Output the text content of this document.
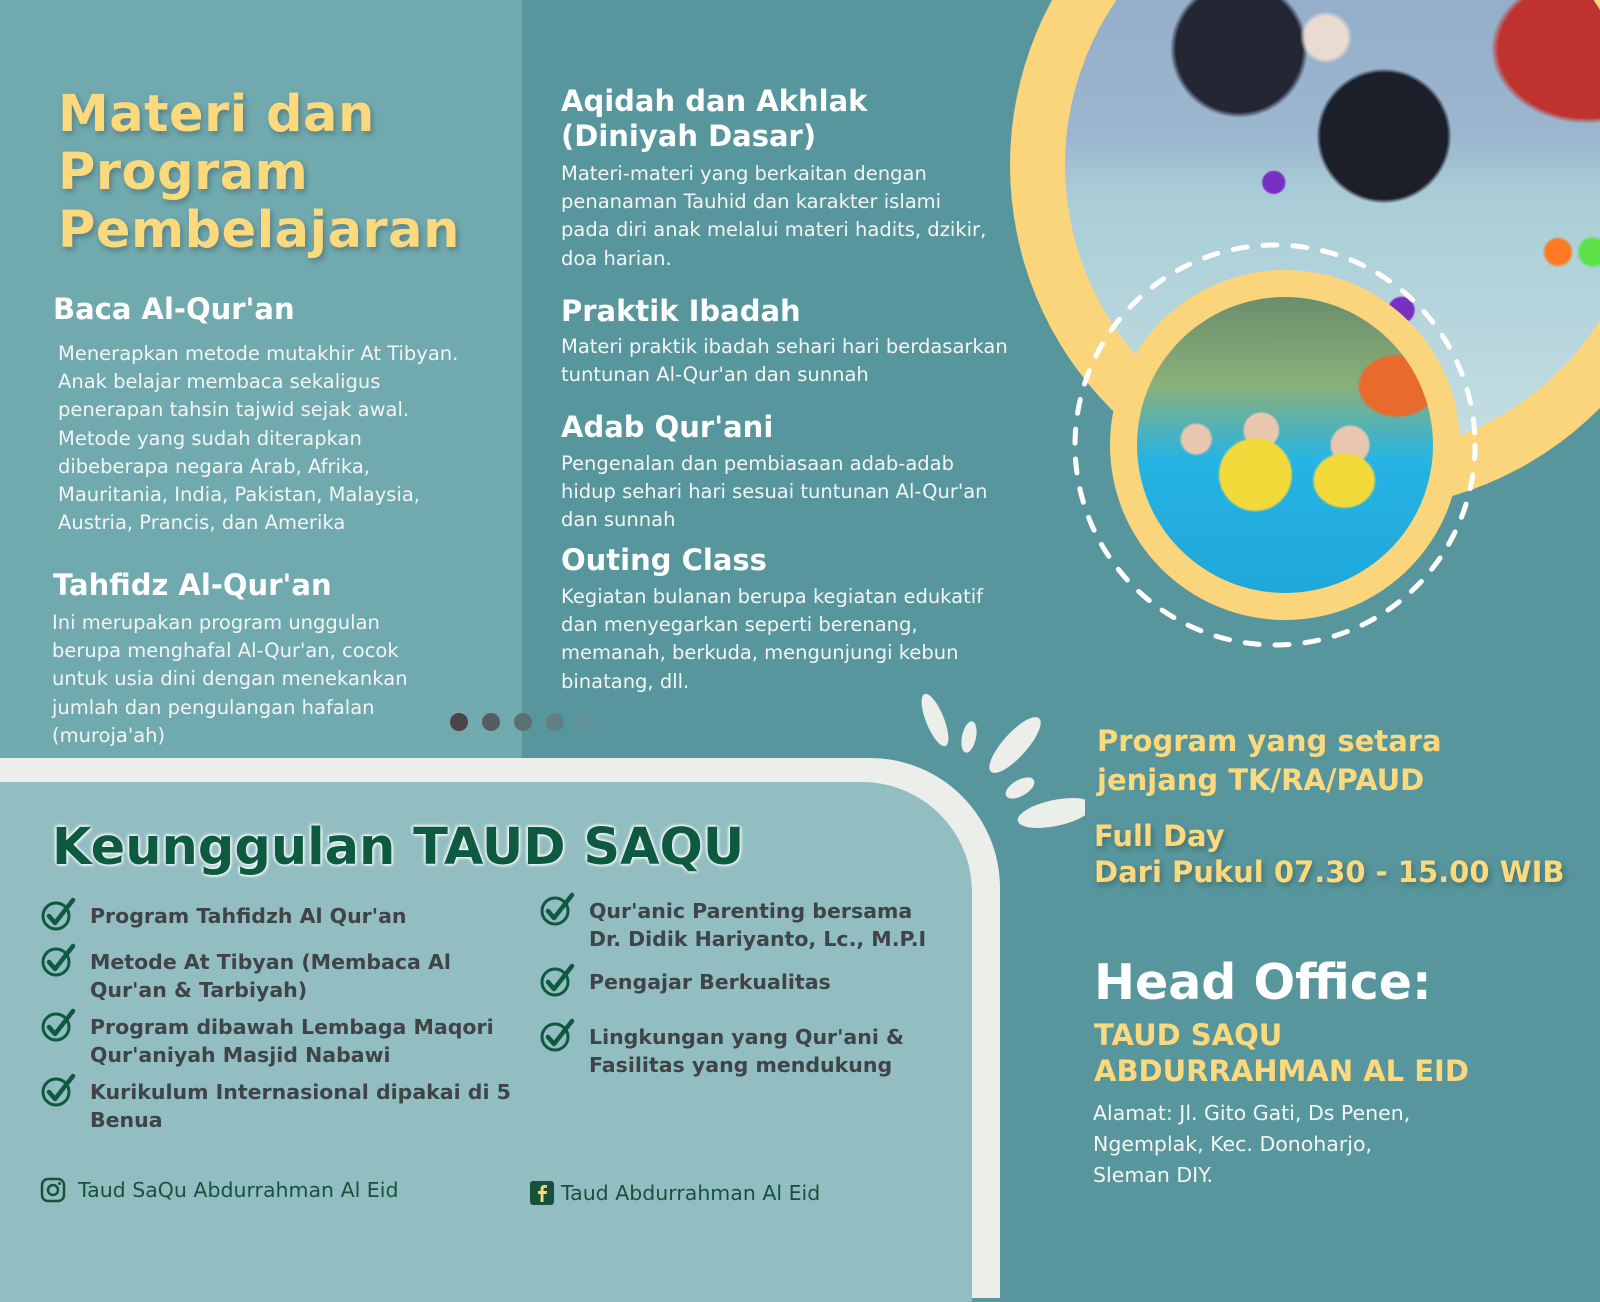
Materi dan
Program
Pembelajaran
Baca Al-Qur'an
Menerapkan metode mutakhir At Tibyan.
Anak belajar membaca sekaligus
penerapan tahsin tajwid sejak awal.
Metode yang sudah diterapkan
dibeberapa negara Arab, Afrika,
Mauritania, India, Pakistan, Malaysia,
Austria, Prancis, dan Amerika
Tahfidz Al-Qur'an
Ini merupakan program unggulan
berupa menghafal Al-Qur'an, cocok
untuk usia dini dengan menekankan
jumlah dan pengulangan hafalan
(muroja'ah)
Aqidah dan Akhlak
(Diniyah Dasar)
Materi-materi yang berkaitan dengan
penanaman Tauhid dan karakter islami
pada diri anak melalui materi hadits, dzikir,
doa harian.
Praktik Ibadah
Materi praktik ibadah sehari hari berdasarkan
tuntunan Al-Qur'an dan sunnah
Adab Qur'ani
Pengenalan dan pembiasaan adab-adab
hidup sehari hari sesuai tuntunan Al-Qur'an
dan sunnah
Outing Class
Kegiatan bulanan berupa kegiatan edukatif
dan menyegarkan seperti berenang,
memanah, berkuda, mengunjungi kebun
binatang, dll.
Keunggulan TAUD SAQU
Program Tahfidzh Al Qur'an
Metode At Tibyan (Membaca Al
Qur'an & Tarbiyah)
Program dibawah Lembaga Maqori
Qur'aniyah Masjid Nabawi
Kurikulum Internasional dipakai di 5
Benua
Qur'anic Parenting bersama
Dr. Didik Hariyanto, Lc., M.P.I
Pengajar Berkualitas
Lingkungan yang Qur'ani &
Fasilitas yang mendukung
Taud SaQu Abdurrahman Al Eid	Taud Abdurrahman Al Eid
Program yang setara
jenjang TK/RA/PAUD
Full Day
Dari Pukul 07.30 - 15.00 WIB
Head Office:
TAUD SAQU
ABDURRAHMAN AL EID
Alamat: Jl. Gito Gati, Ds Penen,
Ngemplak, Kec. Donoharjo,
Sleman DIY.
